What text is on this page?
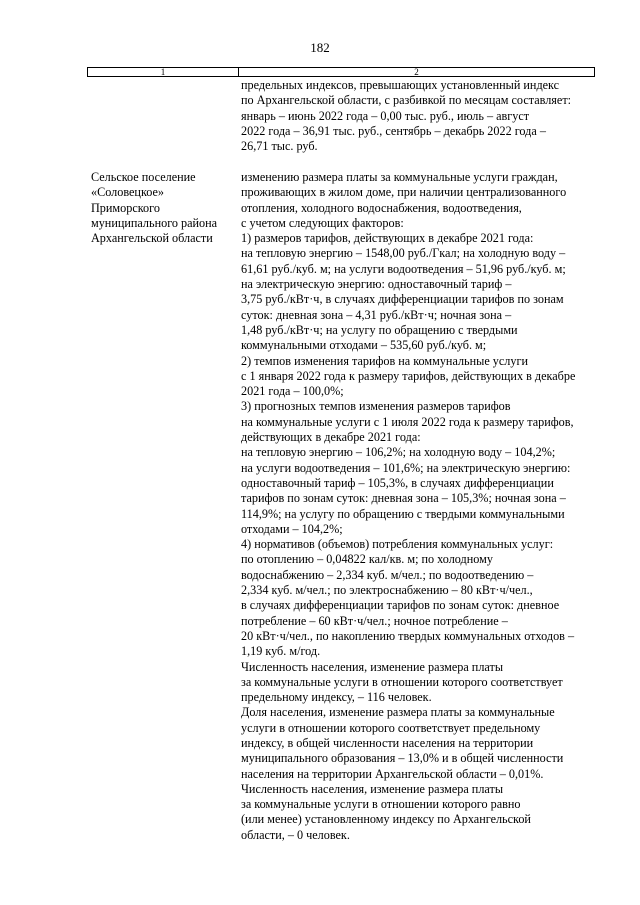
182
1	2
предельных индексов, превышающих установленный индекс
по Архангельской области, с разбивкой по месяцам составляет:
январь – июнь 2022 года – 0,00 тыс. руб., июль – август
2022 года – 36,91 тыс. руб., сентябрь – декабрь 2022 года –
26,71 тыс. руб.
Сельское поселение
«Соловецкое»
Приморского
муниципального района
Архангельской области
изменению размера платы за коммунальные услуги граждан,
проживающих в жилом доме, при наличии централизованного
отопления, холодного водоснабжения, водоотведения,
с учетом следующих факторов:
1) размеров тарифов, действующих в декабре 2021 года:
на тепловую энергию – 1548,00 руб./Гкал; на холодную воду –
61,61 руб./куб. м; на услуги водоотведения – 51,96 руб./куб. м;
на электрическую энергию: одноставочный тариф –
3,75 руб./кВт·ч, в случаях дифференциации тарифов по зонам
суток: дневная зона – 4,31 руб./кВт·ч; ночная зона –
1,48 руб./кВт·ч; на услугу по обращению с твердыми
коммунальными отходами – 535,60 руб./куб. м;
2) темпов изменения тарифов на коммунальные услуги
с 1 января 2022 года к размеру тарифов, действующих в декабре
2021 года – 100,0%;
3) прогнозных темпов изменения размеров тарифов
на коммунальные услуги с 1 июля 2022 года к размеру тарифов,
действующих в декабре 2021 года:
на тепловую энергию – 106,2%; на холодную воду – 104,2%;
на услуги водоотведения – 101,6%; на электрическую энергию:
одноставочный тариф – 105,3%, в случаях дифференциации
тарифов по зонам суток: дневная зона – 105,3%; ночная зона –
114,9%; на услугу по обращению с твердыми коммунальными
отходами – 104,2%;
4) нормативов (объемов) потребления коммунальных услуг:
по отоплению – 0,04822 кал/кв. м; по холодному
водоснабжению – 2,334 куб. м/чел.; по водоотведению –
2,334 куб. м/чел.; по электроснабжению – 80 кВт·ч/чел.,
в случаях дифференциации тарифов по зонам суток: дневное
потребление – 60 кВт·ч/чел.; ночное потребление –
20 кВт·ч/чел., по накоплению твердых коммунальных отходов –
1,19 куб. м/год.
Численность населения, изменение размера платы
за коммунальные услуги в отношении которого соответствует
предельному индексу, – 116 человек.
Доля населения, изменение размера платы за коммунальные
услуги в отношении которого соответствует предельному
индексу, в общей численности населения на территории
муниципального образования – 13,0% и в общей численности
населения на территории Архангельской области – 0,01%.
Численность населения, изменение размера платы
за коммунальные услуги в отношении которого равно
(или менее) установленному индексу по Архангельской
области, – 0 человек.
